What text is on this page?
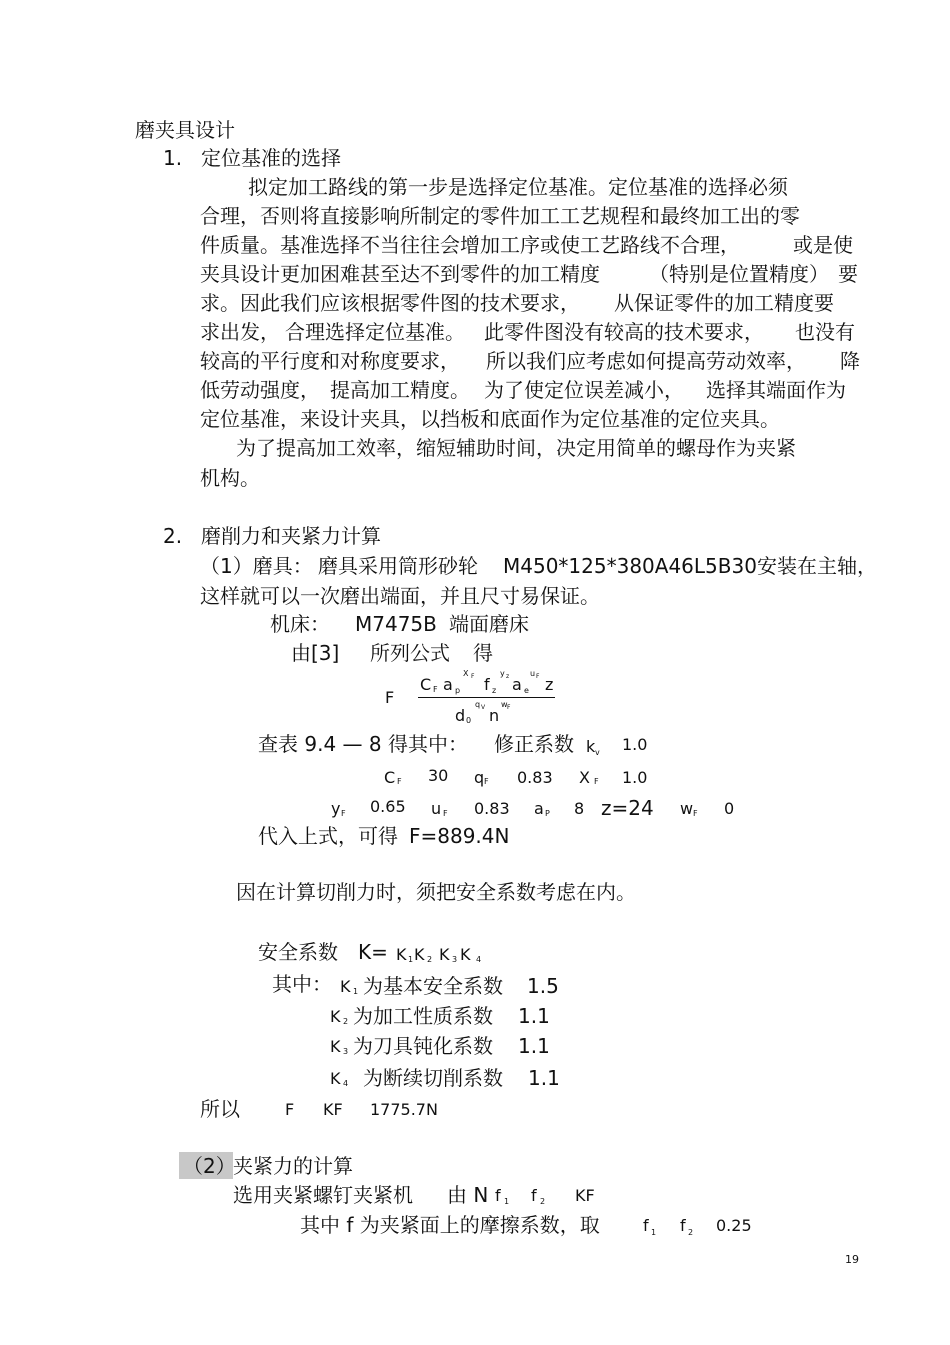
磨夹具设计
1. 定位基准的选择
拟定加工路线的第一步是选择定位基准。定位基准的选择必须
合理，否则将直接影响所制定的零件加工工艺规程和最终加工出的零
件质量。基准选择不当往往会增加工序或使工艺路线不合理，	或是使
夹具设计更加困难甚至达不到零件的加工精度 （特别是位置精度） 要
求。因此我们应该根据零件图的技术要求， 从保证零件的加工精度要
求出发， 合理选择定位基准。 此零件图没有较高的技术要求， 也没有
较高的平行度和对称度要求， 所以我们应考虑如何提高劳动效率， 降
低劳动强度， 提高加工精度。 为了使定位误差减小， 选择其端面作为
定位基准，来设计夹具，以挡板和底面作为定位基准的定位夹具。
为了提高加工效率，缩短辅助时间，决定用简单的螺母作为夹紧
机构。
2. 磨削力和夹紧力计算
（1）磨具： 磨具采用筒形砂轮 M450*125*380A46L5B30安装在主轴，
这样就可以一次磨出端面，并且尺寸易保证。
机床： M7475B 端面磨床
由[3] 所列公式 得
F
C F a p
X F f z
y z a e
u F z
d 0
q V n
w F
查表 9.4 — 8 得其中： 修正系数 k v 1.0
C F 30 q F 0.83 X F 1.0
y F 0.65 u F 0.83 a P 8 z=24 w F 0
代入上式，可得 F=889.4N
因在计算切削力时，须把安全系数考虑在内。
安全系数 K= K 1 K 2 K 3 K 4
其中： K 1 为基本安全系数 1.5
K 2 为加工性质系数 1.1
K 3 为刀具钝化系数 1.1
K 4 为断续切削系数 1.1
所以	F KF 1775.7N
（2）
夹紧力的计算
选用夹紧螺钉夹紧机 由 N f 1 f 2 KF
其中 f 为夹紧面上的摩擦系数，取	f 1 f 2 0.25
19
